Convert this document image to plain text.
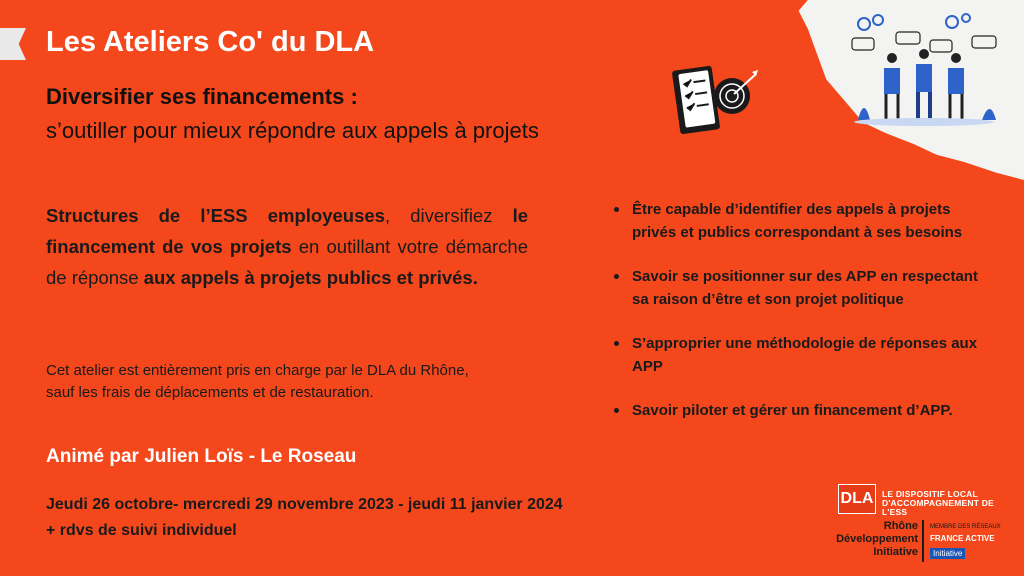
Les Ateliers Co' du DLA
Diversifier ses financements :
s’outiller pour mieux répondre aux appels à projets
Structures de l’ESS employeuses, diversifiez le financement de vos projets en outillant votre démarche de réponse aux appels à projets publics et privés.
Cet atelier est entièrement pris en charge par le DLA du Rhône,
sauf les frais de déplacements et de restauration.
Animé par Julien Loïs - Le Roseau
Jeudi 26 octobre- mercredi 29 novembre 2023 - jeudi 11 janvier 2024
+ rdvs de suivi individuel
Être capable d’identifier des appels à projets privés et publics correspondant à ses besoins
Savoir se positionner sur des APP en respectant sa raison d’être et son projet politique
S’approprier une méthodologie de réponses aux APP
Savoir piloter et gérer un financement d’APP.
DLA	LE DISPOSITIF LOCAL
D'ACCOMPAGNEMENT DE L'ESS
Rhône
Développement
Initiative
MEMBRE DES RÉSEAUX
FRANCE ACTIVE
Initiative
